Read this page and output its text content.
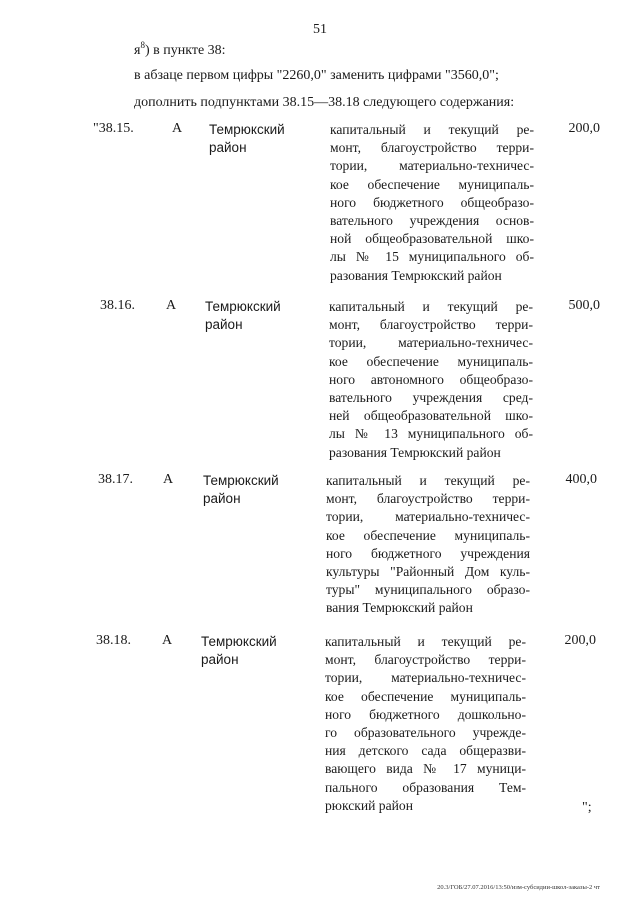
51
$я^8$) в пункте 38:
в абзаце первом цифры "2260,0" заменить цифрами "3560,0";
дополнить подпунктами 38.15—38.18 следующего содержания:
"38.15.	А Темрюкский
район
капитальный и текущий ре-
монт, благоустройство терри-
тории, материально-техничес-
кое обеспечение муниципаль-
ного бюджетного общеобразо-
вательного учреждения основ-
ной общеобразовательной шко-
лы № 15 муниципального об-
разования Темрюкский район
200,0
38.16. А Темрюкский
район
капитальный и текущий ре-
монт, благоустройство терри-
тории, материально-техничес-
кое обеспечение муниципаль-
ного автономного общеобразо-
вательного учреждения сред-
ней общеобразовательной шко-
лы № 13 муниципального об-
разования Темрюкский район
500,0
38.17. А Темрюкский
район
капитальный и текущий ре-
монт, благоустройство терри-
тории, материально-техничес-
кое обеспечение муниципаль-
ного бюджетного учреждения
культуры "Районный Дом куль-
туры" муниципального образо-
вания Темрюкский район
400,0
38.18. А Темрюкский
район
капитальный и текущий ре-
монт, благоустройство терри-
тории, материально-техничес-
кое обеспечение муниципаль-
ного бюджетного дошкольно-
го образовательного учрежде-
ния детского сада общеразви-
вающего вида № 17 муници-
пального образования Тем-
рюкский район
200,0
";
20.3/ГОБ/27.07.2016/13:50/изм-субсидии-школ-заказы-2 чт
